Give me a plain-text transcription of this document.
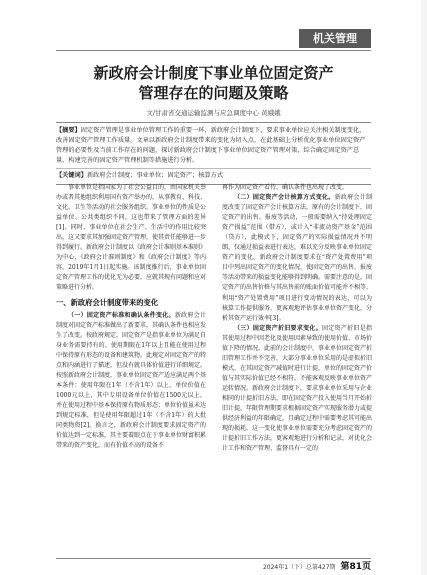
机关管理
新政府会计制度下事业单位固定资产
管理存在的问题及策略
文/甘肃省交通运输监测与应急调度中心 黄娥娥
【摘要】固定资产管理是事业单位管理工作的重要一环，新政府会计制度下，要求事业单位应关注相关制度变化，改善固定资产管理工作质量。文章以新政府会计制度带来的变化为切入点，在此基础上分析优化事业单位固定资产管理的必要性及当前工作存在的问题，探讨新政府会计制度下事业单位固定资产管理对策，综合确定固定资产总量，构建完善的固定资产管理机制等措施进行分析。
【关键词】新政府会计制度；事业单位；固定资产；核算方式

事业单位是指国家为了社会公益目的，由国家机关举办或者其他组织利用国有资产举办的，从事教育、科技、文化、卫生等活动的社会服务组织。事业单位的性质是公益单位、公共类组织不同，这也带来了管理方面的差异[1]。同时，事业单位在社会生产、生活中的作用比较突出，这又要求其加强固定资产管理，使其责任能够进一步得到履行。新政府会计制度以《政府会计准则基本准则》为中心，《政府会计准则制度》和《政府会计制度》等内容，2019年1月1日起实施。该制度推行后，事业单位固定资产管理工作的优化无为必要，应就其现有问题和应对策略进行分析。

一、新政府会计制度带来的变化

（一）固定资产标准和确认条件变化。新政府会计制度对固定资产标准做出了新要求，其确认条件也相应发生了改变。按政府规定，固定资产是指事业单位为满足自身业务需要持有的、使用期限在1年以上且能在使用过程中保持原有形态的设备和建筑物。此规定对固定资产的特点和内涵进行了描述，但没有就具体价值进行详细规定。按照新政府会计制度，事业单位固定资产适应满足两个基本条件：使用年限在1年（不含1年）以上，单位价值在1000元以上，其中专用设备单位价值在1500元以上，并在使用过程中基本保持原有物质形态；单位价值虽未达到规定标准，但是使用年限超过1年（不含1年）的大批同类物资[2]。换言之，新政府会计制度要求固定资产的价值达到一定标准，其主要着眼点在于事业单位财富积累带来的资产变化，而有价值不高的设备不

再作为固定资产看待，确认条件也出现了改变。

（二）固定资产会计核算方式变化。新政府会计制度改变了固定资产会计核算方法。原有的会计制度下，固定资产的出售、报废等活动，一般需要纳入“待处理固定资产损益”范围（借方），或计入“非流动资产基金”范围（贷方），此模式下，固定资产的实际损益情况并不明朗，仅通过损益表进行表达，难以充分反映事业单位固定资产的变化。新政府会计制度要求在“资产处置费用”项目中列出固定资产的变化情况，使固定资产的出售、报废等活动带来的损益变化能够得到明确。需要注意的是，固定资产的出售价格与其出售前的账面价值可能并不相等，利用“资产处置费用”项目进行变动情况的表达，可以为核算工作提供服务，更客观地评估事业单位资产变化，分析其资产运行效率[3]。

（三）固定资产折旧要求变化。固定资产折旧是指其使用过程中因老化及使用因素导致的使用价值、市场价值下降的情况。此前的会计制度中，事业单位固定资产折旧管理工作并不完善，大部分事业单位采用的是虚拟折旧模式，在其固定资产减值时进行计提，单位的固定资产价值与其实际价值已经不相符，不能客观反映事业单位资产运转情况。新政府会计制度下，要求事业单位采用与企业相同的计提折旧方法，即在固定资产投入使用当月开始折旧计提，年限管理期要求根据固定资产实现服务潜力或提供经济利益的年限确定，且确定过程中需要考虑其可能出现的损耗。这一变化使事业单位需要充分考虑固定资产的计提折旧工作方法，更客观地进行分析和记录，对优化会计工作和资产管理、监督具有一定的

2024年1（下）总第427期 第81页
